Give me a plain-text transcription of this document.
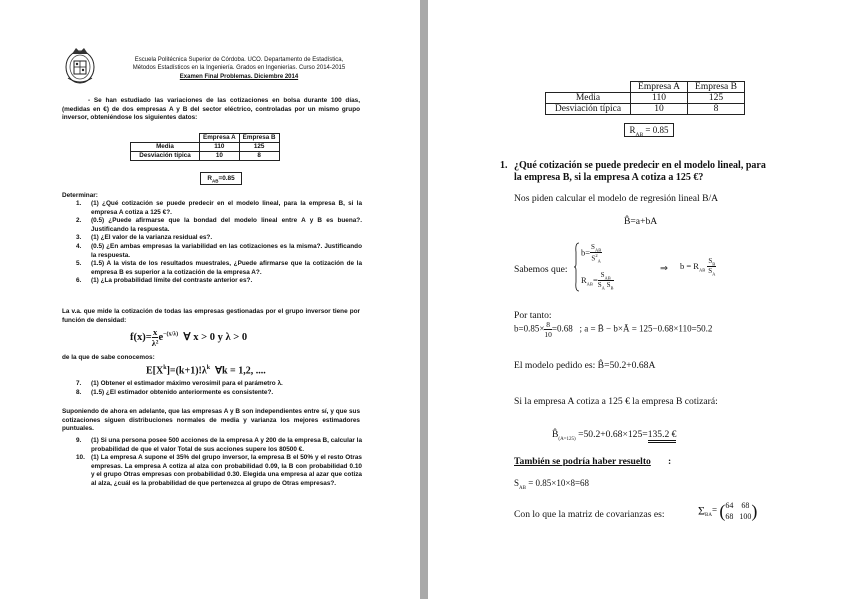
Escuela Politécnica Superior de Córdoba. UCO. Departamento de Estadística,
Métodos Estadísticos en la Ingeniería. Grados en Ingenierías. Curso 2014-2015
Examen Final Problemas. Diciembre 2014
- Se han estudiado las variaciones de las cotizaciones en bolsa durante 100 días, (medidas en €) de dos empresas A y B del sector eléctrico, controladas por un mismo grupo inversor, obteniéndose los siguientes datos:
	Empresa A	Empresa B
Media	110	125
Desviación típica	10	8
$R_{AB}=0.85$
Determinar:
1. (1) ¿Qué cotización se puede predecir en el modelo lineal, para la empresa B, si la empresa A cotiza a 125 €?.
2. (0.5) ¿Puede afirmarse que la bondad del modelo lineal entre A y B es buena?. Justificando la respuesta.
3. (1) ¿El valor de la varianza residual es?.
4. (0.5) ¿En ambas empresas la variabilidad en las cotizaciones es la misma?. Justificando la respuesta.
5. (1.5) A la vista de los resultados muestrales, ¿Puede afirmarse que la cotización de la empresa B es superior a la cotización de la empresa A?.
6. (1) ¿La probabilidad límite del contraste anterior es?.
La v.a. que mide la cotización de todas las empresas gestionadas por el grupo inversor tiene por función de densidad:
$f(x)= \frac{x}{\text{λ²}} e^{-(x/\lambda)}$ ∀ x > 0 y λ > 0
de la que de sabe conocemos:
$E[X^k]=(k+1)!\lambda^k$ ∀k = 1,2, ....
7. (1) Obtener el estimador máximo verosímil para el parámetro λ.
8. (1.5) ¿El estimador obtenido anteriormente es consistente?.
Suponiendo de ahora en adelante, que las empresas A y B son independientes entre sí, y que sus cotizaciones siguen distribuciones normales de media y varianza los mejores estimadores puntuales.
9. (1) Si una persona posee 500 acciones de la empresa A y 200 de la empresa B, calcular la probabilidad de que el valor Total de sus acciones supere los 80500 €.
10. (1) La empresa A supone el 35% del grupo inversor, la empresa B el 50% y el resto Otras empresas. La empresa A cotiza al alza con probabilidad 0.09, la B con probabilidad 0.10 y el grupo Otras empresas con probabilidad 0.30. Elegida una empresa al azar que cotiza al alza, ¿cuál es la probabilidad de que pertenezca al grupo de Otras empresas?.
	Empresa A	Empresa B
Media	110	125
Desviación típica	10	8
$R_{AB} = 0.85$
1. ¿Qué cotización se puede predecir en el modelo lineal, para la empresa B, si la empresa A cotiza a 125 €?
Nos piden calcular el modelo de regresión lineal B/A
B̂=a+bA
Sabemos que:
$b= \frac{S_{AB}}{S^2_A}$
$R_{AB}= \frac{S_{AB}}{S_A S_B}$
⇒ $b = R_{AB} \frac{S_B}{S_A}$
Por tanto:
$b=0.85\times \frac{8}{10} =0.68$ ; a = B̄ − b×Ā = 125−0.68×110=50.2
El modelo pedido es: B̂=50.2+0.68A
Si la empresa A cotiza a 125 € la empresa B cotizará:
$B̂_{(A=125)} =50.2+0.68\times 125=135.2$ €
También se podría haber resuelto :
$S_{AB} = 0.85\times 10\times 8=68$
Con lo que la matriz de covarianzas es:	$\Sigma_{BA}=$ ( 64 68
68 100 )
